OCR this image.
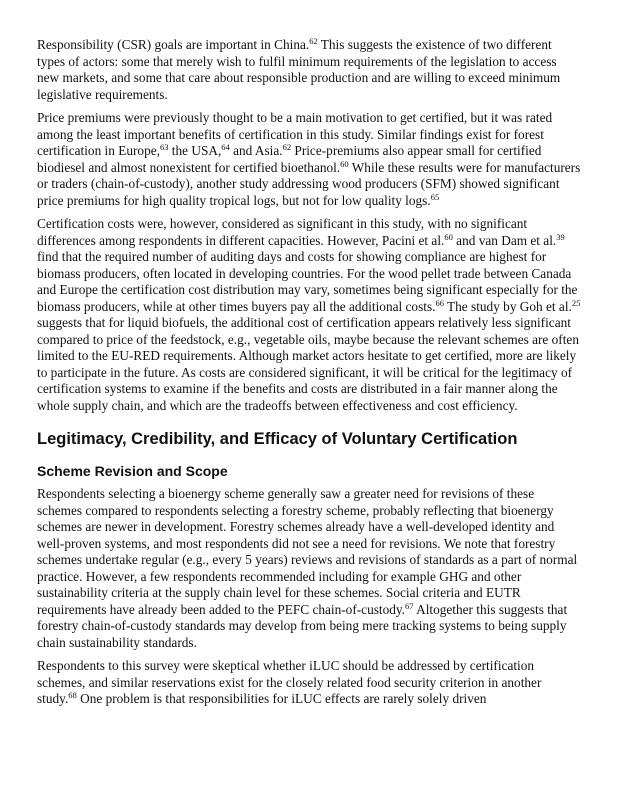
Responsibility (CSR) goals are important in China.$^{62}$ This suggests the existence of two different types of actors: some that merely wish to fulfil minimum requirements of the legislation to access new markets, and some that care about responsible production and are willing to exceed minimum legislative requirements.

Price premiums were previously thought to be a main motivation to get certified, but it was rated among the least important benefits of certification in this study. Similar findings exist for forest certification in Europe,$^{63}$ the USA,$^{64}$ and Asia.$^{62}$ Price-premiums also appear small for certified biodiesel and almost nonexistent for certified bioethanol.$^{60}$ While these results were for manufacturers or traders (chain-of-custody), another study addressing wood producers (SFM) showed significant price premiums for high quality tropical logs, but not for low quality logs.$^{65}$

Certification costs were, however, considered as significant in this study, with no significant differences among respondents in different capacities. However, Pacini et al.$^{60}$ and van Dam et al.$^{39}$ find that the required number of auditing days and costs for showing compliance are highest for biomass producers, often located in developing countries. For the wood pellet trade between Canada and Europe the certification cost distribution may vary, sometimes being significant especially for the biomass producers, while at other times buyers pay all the additional costs.$^{66}$ The study by Goh et al.$^{25}$ suggests that for liquid biofuels, the additional cost of certification appears relatively less significant compared to price of the feedstock, e.g., vegetable oils, maybe because the relevant schemes are often limited to the EU-RED requirements. Although market actors hesitate to get certified, more are likely to participate in the future. As costs are considered significant, it will be critical for the legitimacy of certification systems to examine if the benefits and costs are distributed in a fair manner along the whole supply chain, and which are the tradeoffs between effectiveness and cost efficiency.

Legitimacy, Credibility, and Efficacy of Voluntary Certification
Scheme Revision and Scope

Respondents selecting a bioenergy scheme generally saw a greater need for revisions of these schemes compared to respondents selecting a forestry scheme, probably reflecting that bioenergy schemes are newer in development. Forestry schemes already have a well-developed identity and well-proven systems, and most respondents did not see a need for revisions. We note that forestry schemes undertake regular (e.g., every 5 years) reviews and revisions of standards as a part of normal practice. However, a few respondents recommended including for example GHG and other sustainability criteria at the supply chain level for these schemes. Social criteria and EUTR requirements have already been added to the PEFC chain-of-custody.$^{67}$ Altogether this suggests that forestry chain-of-custody standards may develop from being mere tracking systems to being supply chain sustainability standards.

Respondents to this survey were skeptical whether iLUC should be addressed by certification schemes, and similar reservations exist for the closely related food security criterion in another study.$^{68}$ One problem is that responsibilities for iLUC effects are rarely solely driven
